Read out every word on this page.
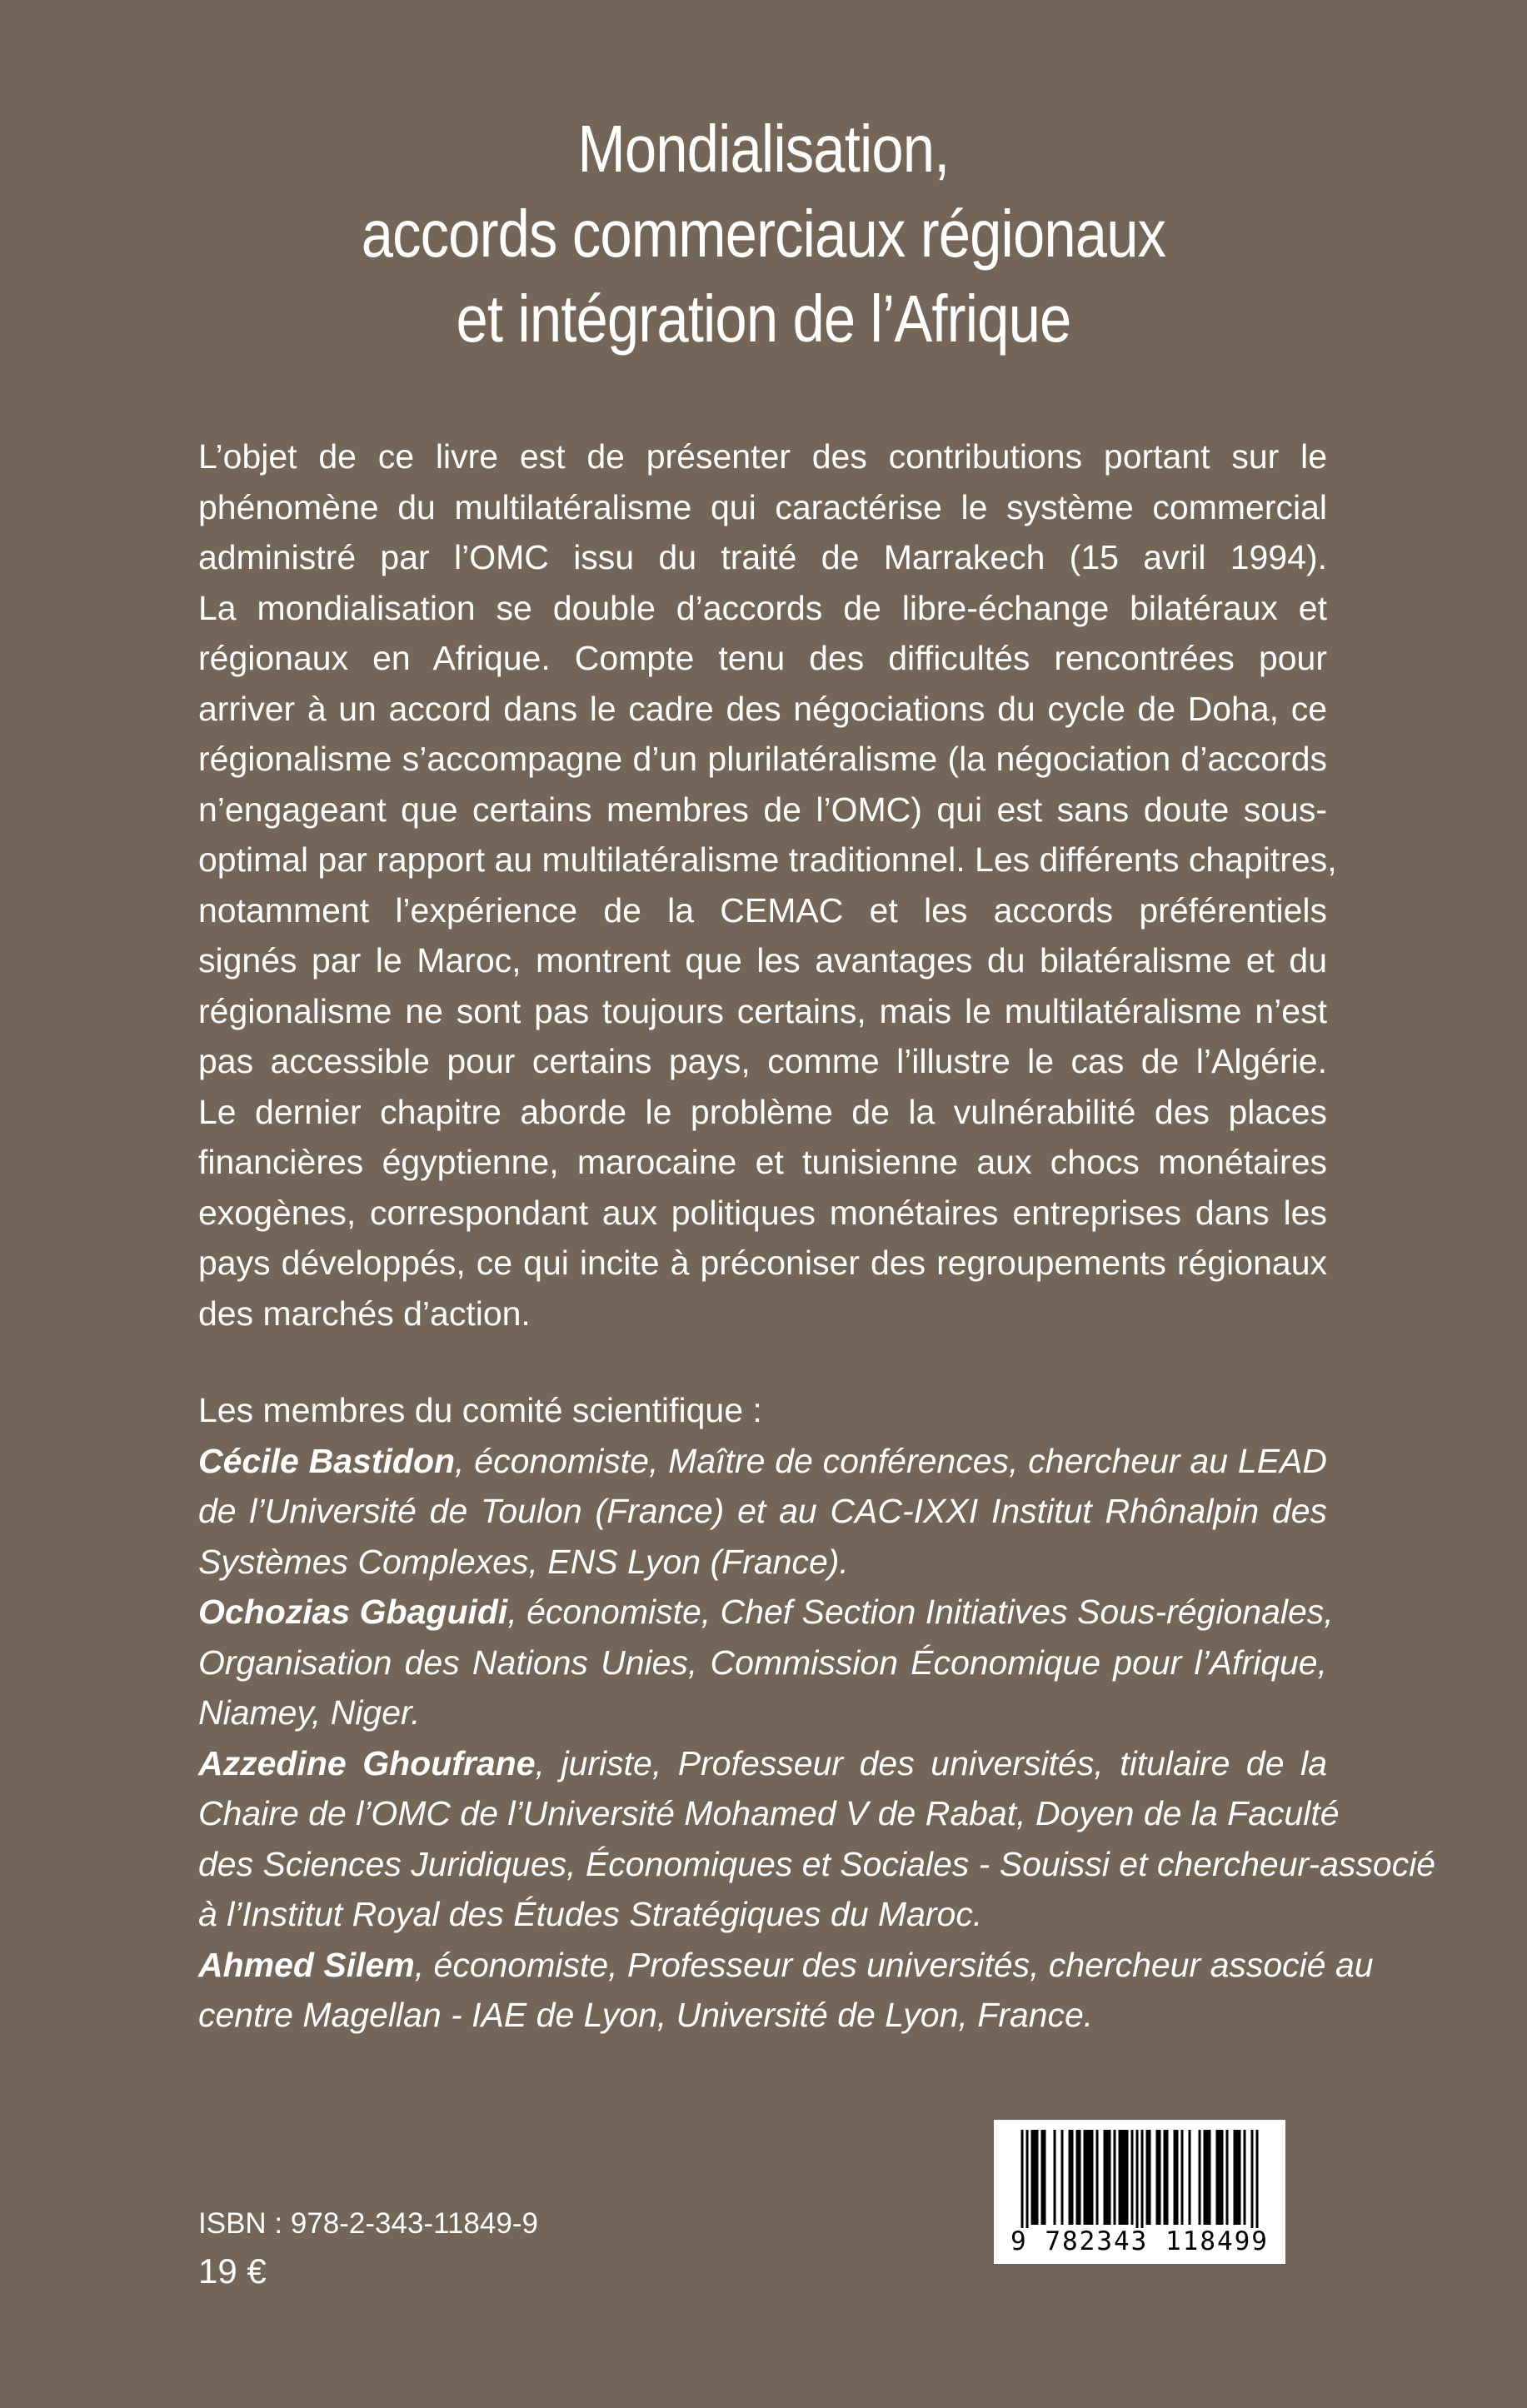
Mondialisation,
accords commerciaux régionaux
et intégration de l’Afrique
L’objet de ce livre est de présenter des contributions portant sur le
phénomène du multilatéralisme qui caractérise le système commercial
administré par l’OMC issu du traité de Marrakech (15 avril 1994).
La mondialisation se double d’accords de libre-échange bilatéraux et
régionaux en Afrique. Compte tenu des difficultés rencontrées pour
arriver à un accord dans le cadre des négociations du cycle de Doha, ce
régionalisme s’accompagne d’un plurilatéralisme (la négociation d’accords
n’engageant que certains membres de l’OMC) qui est sans doute sous-
optimal par rapport au multilatéralisme traditionnel. Les différents chapitres,
notamment l’expérience de la CEMAC et les accords préférentiels
signés par le Maroc, montrent que les avantages du bilatéralisme et du
régionalisme ne sont pas toujours certains, mais le multilatéralisme n’est
pas accessible pour certains pays, comme l’illustre le cas de l’Algérie.
Le dernier chapitre aborde le problème de la vulnérabilité des places
financières égyptienne, marocaine et tunisienne aux chocs monétaires
exogènes, correspondant aux politiques monétaires entreprises dans les
pays développés, ce qui incite à préconiser des regroupements régionaux
des marchés d’action.
Les membres du comité scientifique :
Cécile Bastidon, économiste, Maître de conférences, chercheur au LEAD
de l’Université de Toulon (France) et au CAC-IXXI Institut Rhônalpin des
Systèmes Complexes, ENS Lyon (France).
Ochozias Gbaguidi, économiste, Chef Section Initiatives Sous-régionales,
Organisation des Nations Unies, Commission Économique pour l’Afrique,
Niamey, Niger.
Azzedine Ghoufrane, juriste, Professeur des universités, titulaire de la
Chaire de l’OMC de l’Université Mohamed V de Rabat, Doyen de la Faculté
des Sciences Juridiques, Économiques et Sociales - Souissi et chercheur-associé
à l’Institut Royal des Études Stratégiques du Maroc.
Ahmed Silem, économiste, Professeur des universités, chercheur associé au
centre Magellan - IAE de Lyon, Université de Lyon, France.
ISBN : 978-2-343-11849-9
19 €
9 782343 118499
